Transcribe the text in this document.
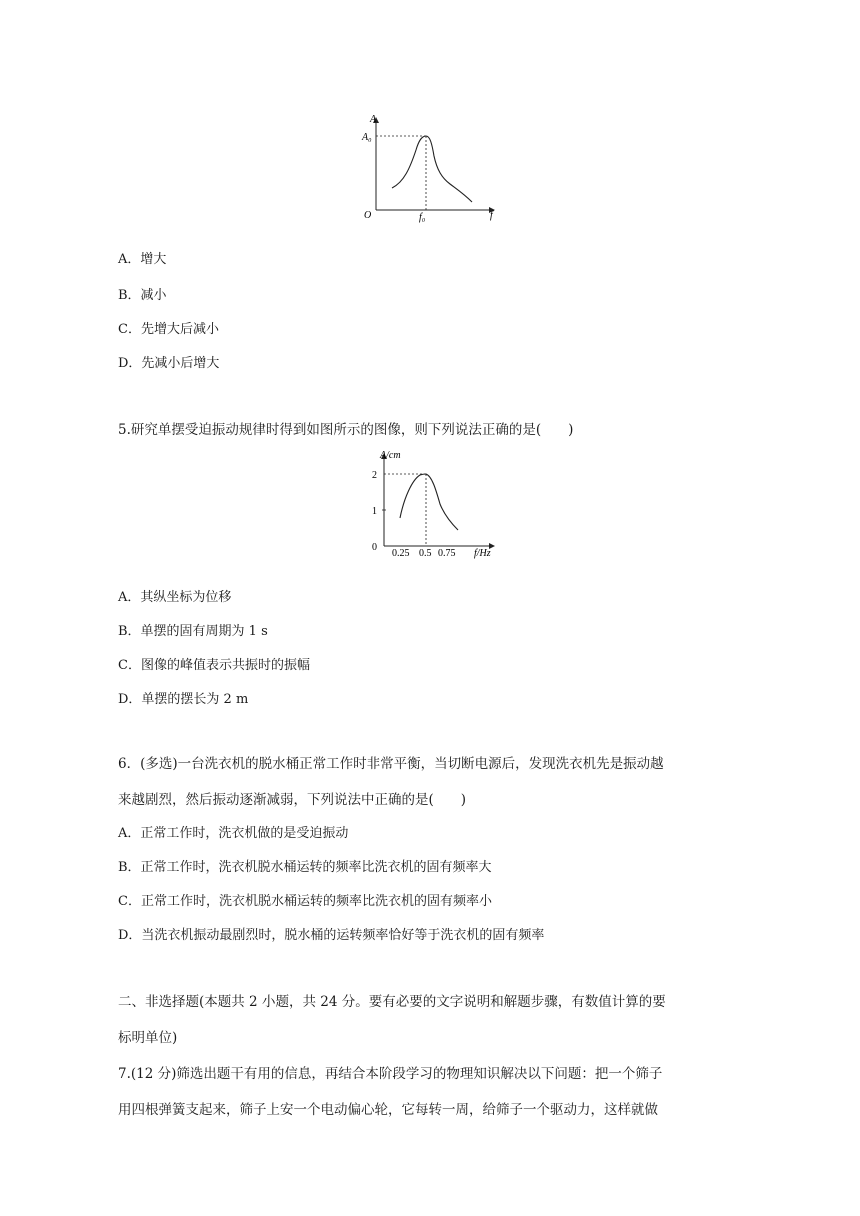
A
A₀
O	f₀	f
A．增大
B．减小
C．先增大后减小
D．先减小后增大
5.研究单摆受迫振动规律时得到如图所示的图像，则下列说法正确的是(　　)
A/cm
2
1
0
0.25 0.5 0.75 f/Hz
A．其纵坐标为位移
B．单摆的固有周期为 1 s
C．图像的峰值表示共振时的振幅
D．单摆的摆长为 2 m
6．(多选)一台洗衣机的脱水桶正常工作时非常平衡，当切断电源后，发现洗衣机先是振动越
来越剧烈，然后振动逐渐减弱，下列说法中正确的是(　　)
A．正常工作时，洗衣机做的是受迫振动
B．正常工作时，洗衣机脱水桶运转的频率比洗衣机的固有频率大
C．正常工作时，洗衣机脱水桶运转的频率比洗衣机的固有频率小
D．当洗衣机振动最剧烈时，脱水桶的运转频率恰好等于洗衣机的固有频率
二、非选择题(本题共 2 小题，共 24 分。要有必要的文字说明和解题步骤，有数值计算的要
标明单位)
7.(12 分)筛选出题干有用的信息，再结合本阶段学习的物理知识解决以下问题：把一个筛子
用四根弹簧支起来，筛子上安一个电动偏心轮，它每转一周，给筛子一个驱动力，这样就做
